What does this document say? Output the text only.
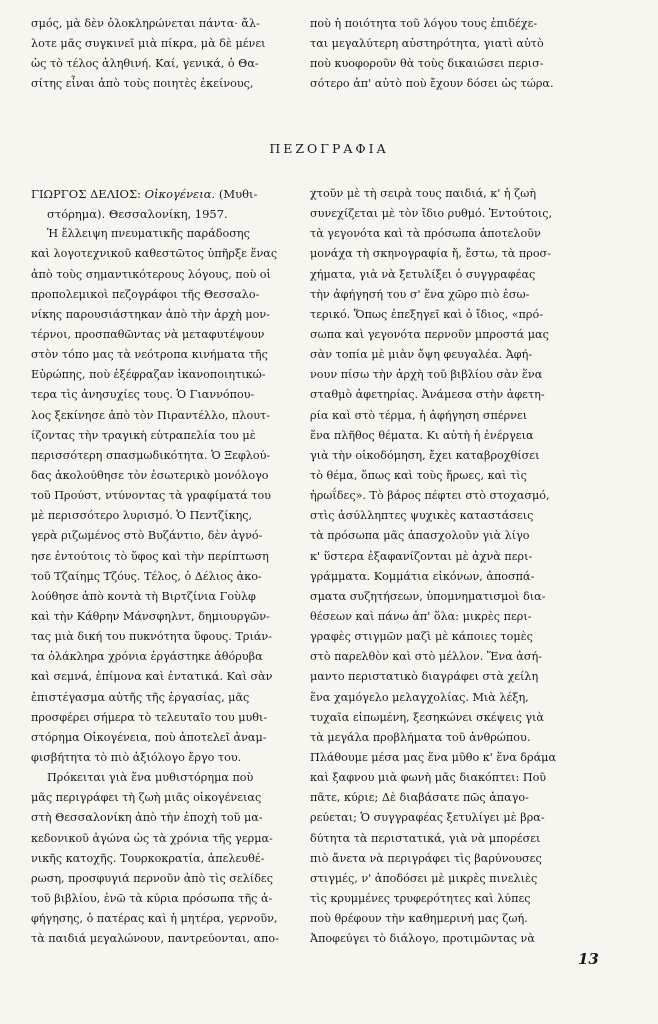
σμός, μὰ δὲν ὁλοκληρώνεται πάντα· ἄλ-
λοτε μᾶς συγκινεῖ μιὰ πίκρα, μὰ δὲ μένει
ὡς τὸ τέλος ἀληθινή. Καί, γενικά, ὁ Θα-
σίτης εἶναι ἀπὸ τοὺς ποιητὲς ἐκείνους,
ποὺ ἡ ποιότητα τοῦ λόγου τους ἐπιδέχε-
ται μεγαλύτερη αὐστηρότητα, γιατὶ αὐτὸ
ποὺ κυοφοροῦν θὰ τοὺς δικαιώσει περισ-
σότερο ἀπ' αὐτὸ ποὺ ἔχουν δόσει ὡς τώρα.
ΠΕΖΟΓΡΑΦΙΑ
ΓΙΩΡΓΟΣ ΔΕΛΙΟΣ: Οἰκογένεια. (Μυθι-
στόρημα). Θεσσαλονίκη, 1957.
Ἡ ἔλλειψη πνευματικῆς παράδοσης
καὶ λογοτεχνικοῦ καθεστῶτος ὑπῆρξε ἕνας
ἀπὸ τοὺς σημαντικότερους λόγους, ποὺ οἱ
προπολεμικοὶ πεζογράφοι τῆς Θεσσαλο-
νίκης παρουσιάστηκαν ἀπὸ τὴν ἀρχὴ μον-
τέρνοι, προσπαθῶντας νὰ μεταφυτέψουν
στὸν τόπο μας τὰ νεότροπα κινήματα τῆς
Εὐρώπης, ποὺ ἐξέφραζαν ἱκανοποιητικώ-
τερα τὶς ἀνησυχίες τους. Ὁ Γιαννόπου-
λος ξεκίνησε ἀπὸ τὸν Πιραντέλλο, πλουτ-
ίζοντας τὴν τραγικὴ εὐτραπελία του μὲ
περισσότερη σπασμωδικότητα. Ὁ Ξεφλού-
δας ἀκολούθησε τὸν ἐσωτερικὸ μονόλογο
τοῦ Προύστ, ντύνοντας τὰ γραφίματά του
μὲ περισσότερο λυρισμό. Ὁ Πεντζίκης,
γερὰ ριζωμένος στὸ Βυζάντιο, δὲν ἀγνό-
ησε ἐντούτοις τὸ ὕφος καὶ τὴν περίπτωση
τοῦ Τζαίημς Τζόυς. Τέλος, ὁ Δέλιος ἀκο-
λούθησε ἀπὸ κοντὰ τὴ Βιρτζίνια Γοὺλφ
καὶ τὴν Κάθρην Μάνσφηλντ, δημιουργῶν-
τας μιὰ δική του πυκνότητα ὕφους. Τριάν-
τα ὁλάκληρα χρόνια ἐργάστηκε ἀθόρυβα
καὶ σεμνά, ἐπίμονα καὶ ἐντατικά. Καὶ σὰν
ἐπιστέγασμα αὐτῆς τῆς ἐργασίας, μᾶς
προσφέρει σήμερα τὸ τελευταῖο του μυθι-
στόρημα Οἰκογένεια, ποὺ ἀποτελεῖ ἀναμ-
φισβήτητα τὸ πιὸ ἀξιόλογο ἔργο του.
Πρόκειται γιὰ ἕνα μυθιστόρημα ποὺ
μᾶς περιγράφει τὴ ζωὴ μιᾶς οἰκογένειας
στὴ Θεσσαλονίκη ἀπὸ τὴν ἐποχὴ τοῦ μα-
κεδονικοῦ ἀγώνα ὡς τὰ χρόνια τῆς γερμα-
νικῆς κατοχῆς. Τουρκοκρατία, ἀπελευθέ-
ρωση, προσφυγιά περνοῦν ἀπὸ τὶς σελίδες
τοῦ βιβλίου, ἐνῶ τὰ κύρια πρόσωπα τῆς ἀ-
φήγησης, ὁ πατέρας καὶ ἡ μητέρα, γερνοῦν,
τὰ παιδιά μεγαλώνουν, παντρεύονται, απο-
χτοῦν μὲ τὴ σειρὰ τους παιδιά, κ' ἡ ζωὴ
συνεχίζεται μὲ τὸν ἴδιο ρυθμό. Ἐντούτοις,
τὰ γεγονότα καὶ τὰ πρόσωπα ἀποτελοῦν
μονάχα τὴ σκηνογραφία ἤ, ἔστω, τὰ προσ-
χήματα, γιὰ νὰ ξετυλίξει ὁ συγγραφέας
τὴν ἀφήγησή του σ' ἕνα χῶρο πιὸ ἐσω-
τερικό. Ὅπως ἐπεξηγεῖ καὶ ὁ ἴδιος, «πρό-
σωπα καὶ γεγονότα περνοῦν μπροστά μας
σὰν τοπία μὲ μιὰν ὄψη φευγαλέα. Ἀφή-
νουν πίσω τὴν ἀρχὴ τοῦ βιβλίου σὰν ἕνα
σταθμὸ ἀφετηρίας. Ἀνάμεσα στὴν ἀφετη-
ρία καὶ στὸ τέρμα, ἡ ἀφήγηση σπέρνει
ἕνα πλῆθος θέματα. Κι αὐτὴ ἡ ἐνέργεια
γιὰ τὴν οἰκοδόμηση, ἔχει καταβροχθίσει
τὸ θέμα, ὅπως καὶ τοὺς ἥρωες, καὶ τὶς
ἡρωΐδες». Τὸ βάρος πέφτει στὸ στοχασμό,
στὶς ἀσύλληπτες ψυχικὲς καταστάσεις
τὰ πρόσωπα μᾶς ἀπασχολοῦν γιὰ λίγο
κ' ὕστερα ἐξαφανίζονται μὲ ἀχνὰ περι-
γράμματα. Κομμάτια εἰκόνων, ἀποσπά-
σματα συζητήσεων, ὑπομνηματισμοὶ δια-
θέσεων καὶ πάνω ἀπ' ὅλα: μικρὲς περι-
γραφὲς στιγμῶν μαζὶ μὲ κάποιες τομὲς
στὸ παρελθὸν καὶ στὸ μέλλον. Ἕνα ἀσή-
μαντο περιστατικὸ διαγράφει στὰ χείλη
ἕνα χαμόγελο μελαγχολίας. Μιὰ λέξη,
τυχαῖα εἰπωμένη, ξεσηκώνει σκέψεις γιὰ
τὰ μεγάλα προβλήματα τοῦ ἀνθρώπου.
Πλάθουμε μέσα μας ἕνα μῦθο κ' ἕνα δράμα
καὶ ξαφνου μιὰ φωνὴ μᾶς διακόπτει: Ποῦ
πᾶτε, κύριε; Δὲ διαβάσατε πῶς ἀπαγο-
ρεύεται; Ὁ συγγραφέας ξετυλίγει μὲ βρα-
δύτητα τὰ περιστατικά, γιὰ νὰ μπορέσει
πιὸ ἄνετα νὰ περιγράφει τὶς βαρύνουσες
στιγμές, ν' ἀποδόσει μὲ μικρὲς πινελιὲς
τὶς κρυμμένες τρυφερότητες καὶ λύπες
ποὺ θρέφουν τὴν καθημερινή μας ζωή.
Ἀποφεύγει τὸ διάλογο, προτιμῶντας νὰ
13
